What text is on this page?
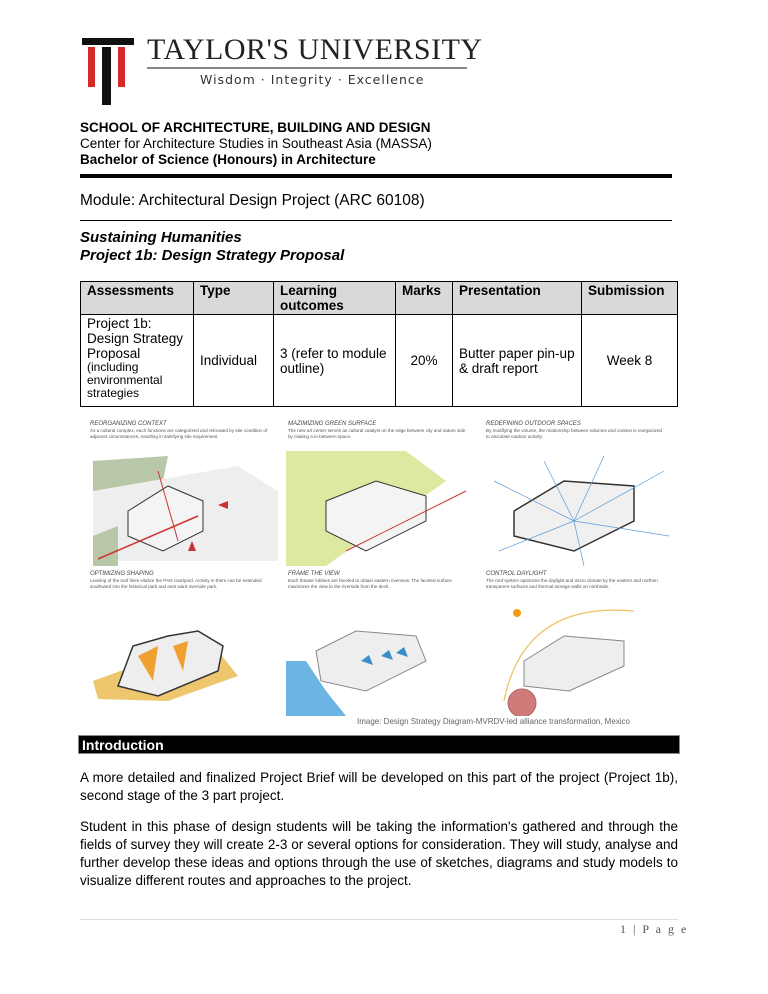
TAYLOR'S UNIVERSITY
Wisdom · Integrity · Excellence
SCHOOL OF ARCHITECTURE, BUILDING AND DESIGN
Center for Architecture Studies in Southeast Asia (MASSA)
Bachelor of Science (Honours) in Architecture
Module: Architectural Design Project (ARC 60108)
Sustaining Humanities
Project 1b: Design Strategy Proposal
Assessments	Type	Learning outcomes	Marks	Presentation	Submission

Project 1b: Design Strategy Proposal
(including environmental strategies	Individual	3 (refer to module outline)	20%	Butter paper pin-up & draft report	Week 8
REORGANIZING CONTEXT
As a cultural complex, each functions are categorized and relocated by site condition of adjacent circumstances, resulting in satisfying site requirement.
MAZIMIZING GREEN SURFACE
The new art center serves as cultural catalyst on the edge between city and nature side by making a in-between space.
REDEFINING OUTDOOR SPACES
By modifying the volume, the relationship between volumes and context is reorganized to articulate outdoor activity.
OPTIMIZING SHAPING
Leaning of the roof lines vitalize the PAN courtyard. Activity in there can be extended southward into the historical park and east ward riverside park.
FRAME THE VIEW
Each theater lobbies are faceted to obtain eastern riverview. The faceted surface maximizes the view to the riverside from the deck.
CONTROL DAYLIGHT
The roof system optimizes the daylight and micro climate by the eastern and northen transparent surfaces and thermal storage walls on northside.
Image: Design Strategy Diagram-MVRDV-led alliance transformation, Mexico
Introduction
A more detailed and finalized Project Brief will be developed on this part of the project (Project 1b), second stage of the 3 part project.
Student in this phase of design students will be taking the information's gathered and through the fields of survey they will create 2-3 or several options for consideration. They will study, analyse and further develop these ideas and options through the use of sketches, diagrams and study models to visualize different routes and approaches to the project.
1 | P a g e
